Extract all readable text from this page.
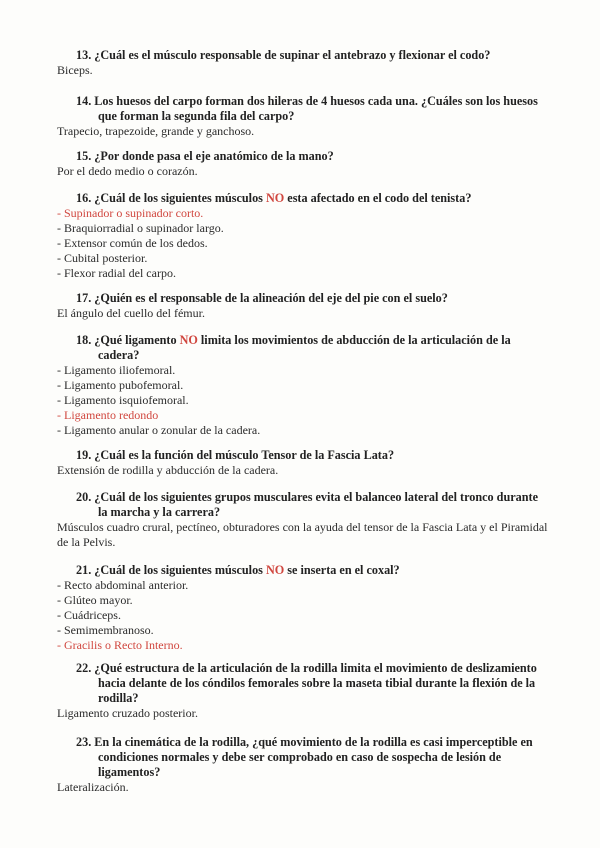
13. ¿Cuál es el músculo responsable de supinar el antebrazo y flexionar el codo?

Biceps.

14. Los huesos del carpo forman dos hileras de 4 huesos cada una. ¿Cuáles son los huesos que forman la segunda fila del carpo?

Trapecio, trapezoide, grande y ganchoso.

15. ¿Por donde pasa el eje anatómico de la mano?

Por el dedo medio o corazón.

16. ¿Cuál de los siguientes músculos NO esta afectado en el codo del tenista?

- Supinador o supinador corto.

- Braquiorradial o supinador largo.

- Extensor común de los dedos.

- Cubital posterior.

- Flexor radial del carpo.

17. ¿Quién es el responsable de la alineación del eje del pie con el suelo?

El ángulo del cuello del fémur.

18. ¿Qué ligamento NO limita los movimientos de abducción de la articulación de la cadera?

- Ligamento iliofemoral.

- Ligamento pubofemoral.

- Ligamento isquiofemoral.

- Ligamento redondo

- Ligamento anular o zonular de la cadera.

19. ¿Cuál es la función del músculo Tensor de la Fascia Lata?

Extensión de rodilla y abducción de la cadera.

20. ¿Cuál de los siguientes grupos musculares evita el balanceo lateral del tronco durante la marcha y la carrera?

Músculos cuadro crural, pectíneo, obturadores con la ayuda del tensor de la Fascia Lata y el Piramidal de la Pelvis.

21. ¿Cuál de los siguientes músculos NO se inserta en el coxal?

- Recto abdominal anterior.

- Glúteo mayor.

- Cuádriceps.

- Semimembranoso.

- Gracilis o Recto Interno.

22. ¿Qué estructura de la articulación de la rodilla limita el movimiento de deslizamiento hacia delante de los cóndilos femorales sobre la maseta tibial durante la flexión de la rodilla?

Ligamento cruzado posterior.

23. En la cinemática de la rodilla, ¿qué movimiento de la rodilla es casi imperceptible en condiciones normales y debe ser comprobado en caso de sospecha de lesión de ligamentos?

Lateralización.
